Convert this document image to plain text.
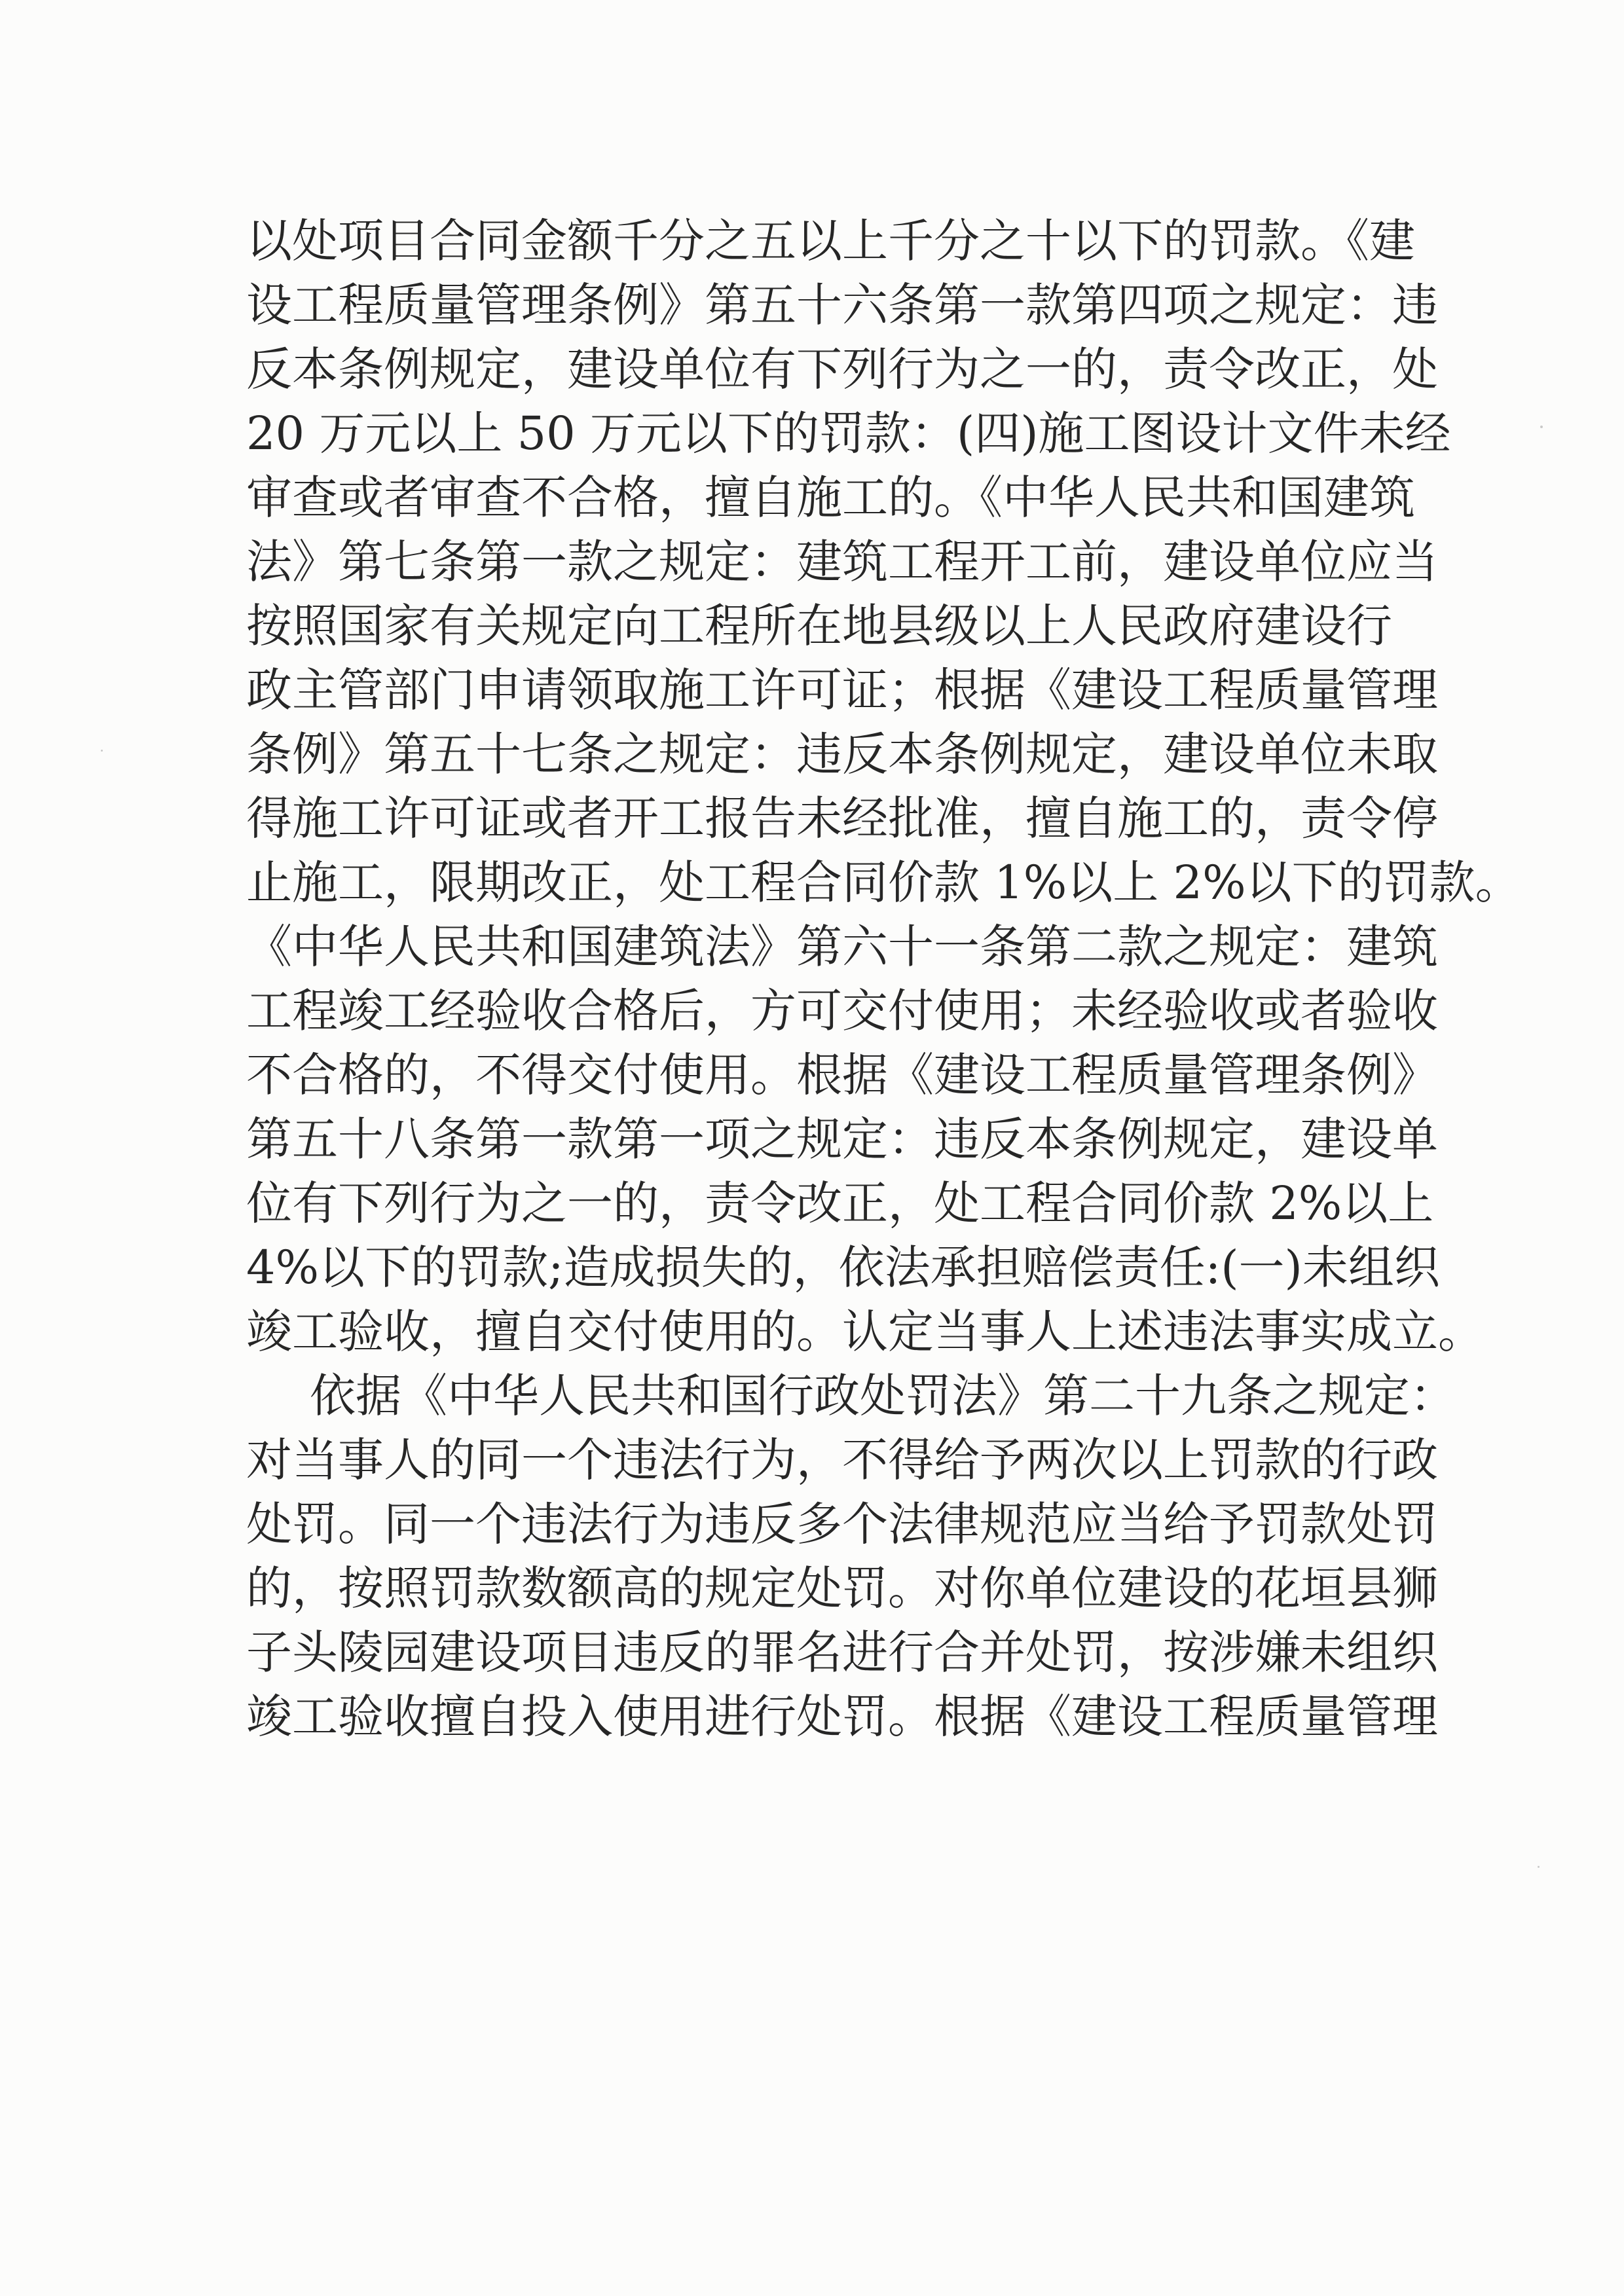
以处项目合同金额千分之五以上千分之十以下的罚款。《建
设工程质量管理条例》第五十六条第一款第四项之规定：违
反本条例规定，建设单位有下列行为之一的，责令改正，处
20 万元以上 50 万元以下的罚款：(四)施工图设计文件未经
审查或者审查不合格，擅自施工的。《中华人民共和国建筑
法》第七条第一款之规定：建筑工程开工前，建设单位应当
按照国家有关规定向工程所在地县级以上人民政府建设行
政主管部门申请领取施工许可证；根据《建设工程质量管理
条例》第五十七条之规定：违反本条例规定，建设单位未取
得施工许可证或者开工报告未经批准，擅自施工的，责令停
止施工，限期改正，处工程合同价款 1%以上 2%以下的罚款。
《中华人民共和国建筑法》第六十一条第二款之规定：建筑
工程竣工经验收合格后，方可交付使用；未经验收或者验收
不合格的，不得交付使用。根据《建设工程质量管理条例》
第五十八条第一款第一项之规定：违反本条例规定，建设单
位有下列行为之一的，责令改正，处工程合同价款 2%以上
4%以下的罚款;造成损失的，依法承担赔偿责任:(一)未组织
竣工验收，擅自交付使用的。认定当事人上述违法事实成立。
依据《中华人民共和国行政处罚法》第二十九条之规定：
对当事人的同一个违法行为，不得给予两次以上罚款的行政
处罚。同一个违法行为违反多个法律规范应当给予罚款处罚
的，按照罚款数额高的规定处罚。对你单位建设的花垣县狮
子头陵园建设项目违反的罪名进行合并处罚，按涉嫌未组织
竣工验收擅自投入使用进行处罚。根据《建设工程质量管理
